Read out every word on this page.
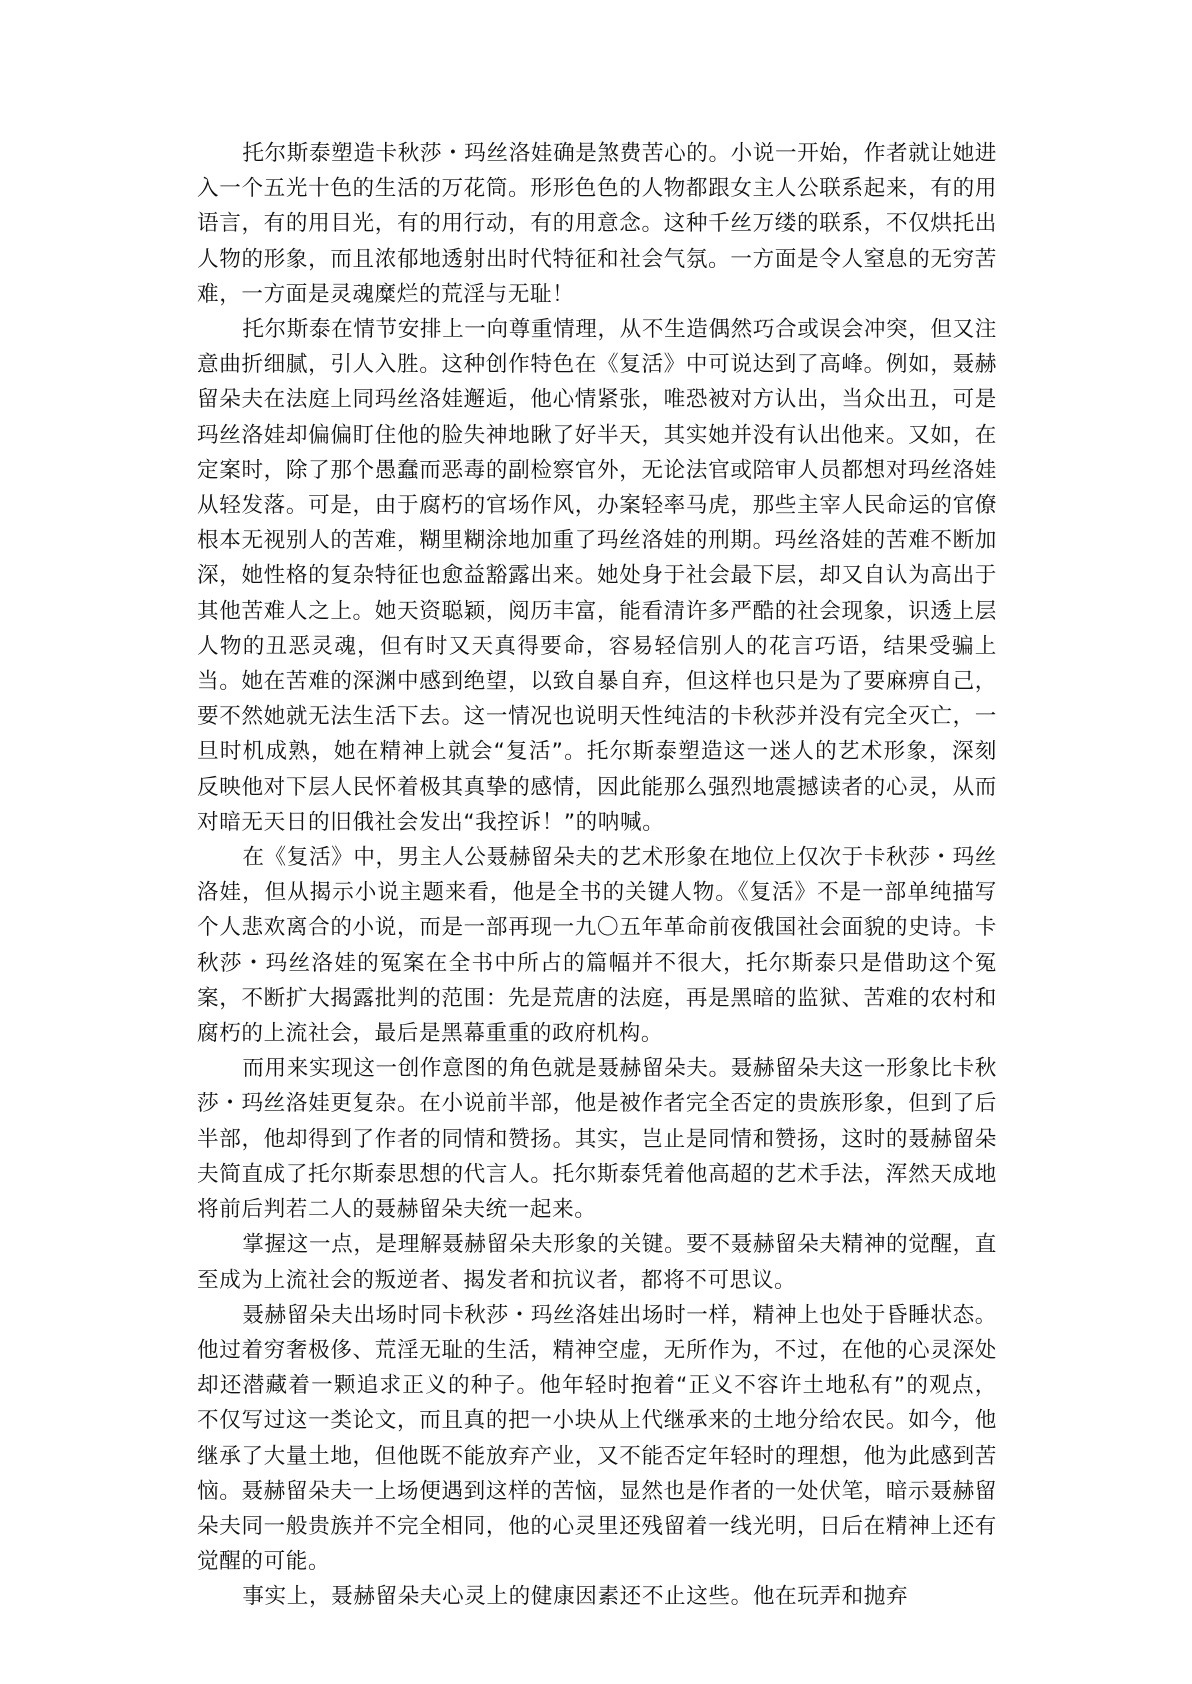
托尔斯泰塑造卡秋莎・玛丝洛娃确是煞费苦心的。小说一开始，作者就让她进入一个五光十色的生活的万花筒。形形色色的人物都跟女主人公联系起来，有的用语言，有的用目光，有的用行动，有的用意念。这种千丝万缕的联系，不仅烘托出人物的形象，而且浓郁地透射出时代特征和社会气氛。一方面是令人窒息的无穷苦难，一方面是灵魂糜烂的荒淫与无耻！

托尔斯泰在情节安排上一向尊重情理，从不生造偶然巧合或误会冲突，但又注意曲折细腻，引人入胜。这种创作特色在《复活》中可说达到了高峰。例如，聂赫留朵夫在法庭上同玛丝洛娃邂逅，他心情紧张，唯恐被对方认出，当众出丑，可是玛丝洛娃却偏偏盯住他的脸失神地瞅了好半天，其实她并没有认出他来。又如，在定案时，除了那个愚蠢而恶毒的副检察官外，无论法官或陪审人员都想对玛丝洛娃从轻发落。可是，由于腐朽的官场作风，办案轻率马虎，那些主宰人民命运的官僚根本无视别人的苦难，糊里糊涂地加重了玛丝洛娃的刑期。玛丝洛娃的苦难不断加深，她性格的复杂特征也愈益豁露出来。她处身于社会最下层，却又自认为高出于其他苦难人之上。她天资聪颖，阅历丰富，能看清许多严酷的社会现象，识透上层人物的丑恶灵魂，但有时又天真得要命，容易轻信别人的花言巧语，结果受骗上当。她在苦难的深渊中感到绝望，以致自暴自弃，但这样也只是为了要麻痹自己，要不然她就无法生活下去。这一情况也说明天性纯洁的卡秋莎并没有完全灭亡，一旦时机成熟，她在精神上就会“复活”。托尔斯泰塑造这一迷人的艺术形象，深刻反映他对下层人民怀着极其真挚的感情，因此能那么强烈地震撼读者的心灵，从而对暗无天日的旧俄社会发出“我控诉！”的呐喊。

在《复活》中，男主人公聂赫留朵夫的艺术形象在地位上仅次于卡秋莎・玛丝洛娃，但从揭示小说主题来看，他是全书的关键人物。《复活》不是一部单纯描写个人悲欢离合的小说，而是一部再现一九〇五年革命前夜俄国社会面貌的史诗。卡秋莎・玛丝洛娃的冤案在全书中所占的篇幅并不很大，托尔斯泰只是借助这个冤案，不断扩大揭露批判的范围：先是荒唐的法庭，再是黑暗的监狱、苦难的农村和腐朽的上流社会，最后是黑幕重重的政府机构。

而用来实现这一创作意图的角色就是聂赫留朵夫。聂赫留朵夫这一形象比卡秋莎・玛丝洛娃更复杂。在小说前半部，他是被作者完全否定的贵族形象，但到了后半部，他却得到了作者的同情和赞扬。其实，岂止是同情和赞扬，这时的聂赫留朵夫简直成了托尔斯泰思想的代言人。托尔斯泰凭着他高超的艺术手法，浑然天成地将前后判若二人的聂赫留朵夫统一起来。

掌握这一点，是理解聂赫留朵夫形象的关键。要不聂赫留朵夫精神的觉醒，直至成为上流社会的叛逆者、揭发者和抗议者，都将不可思议。

聂赫留朵夫出场时同卡秋莎・玛丝洛娃出场时一样，精神上也处于昏睡状态。他过着穷奢极侈、荒淫无耻的生活，精神空虚，无所作为，不过，在他的心灵深处却还潜藏着一颗追求正义的种子。他年轻时抱着“正义不容许土地私有”的观点，不仅写过这一类论文，而且真的把一小块从上代继承来的土地分给农民。如今，他继承了大量土地，但他既不能放弃产业，又不能否定年轻时的理想，他为此感到苦恼。聂赫留朵夫一上场便遇到这样的苦恼，显然也是作者的一处伏笔，暗示聂赫留朵夫同一般贵族并不完全相同，他的心灵里还残留着一线光明，日后在精神上还有觉醒的可能。

事实上，聂赫留朵夫心灵上的健康因素还不止这些。他在玩弄和抛弃
